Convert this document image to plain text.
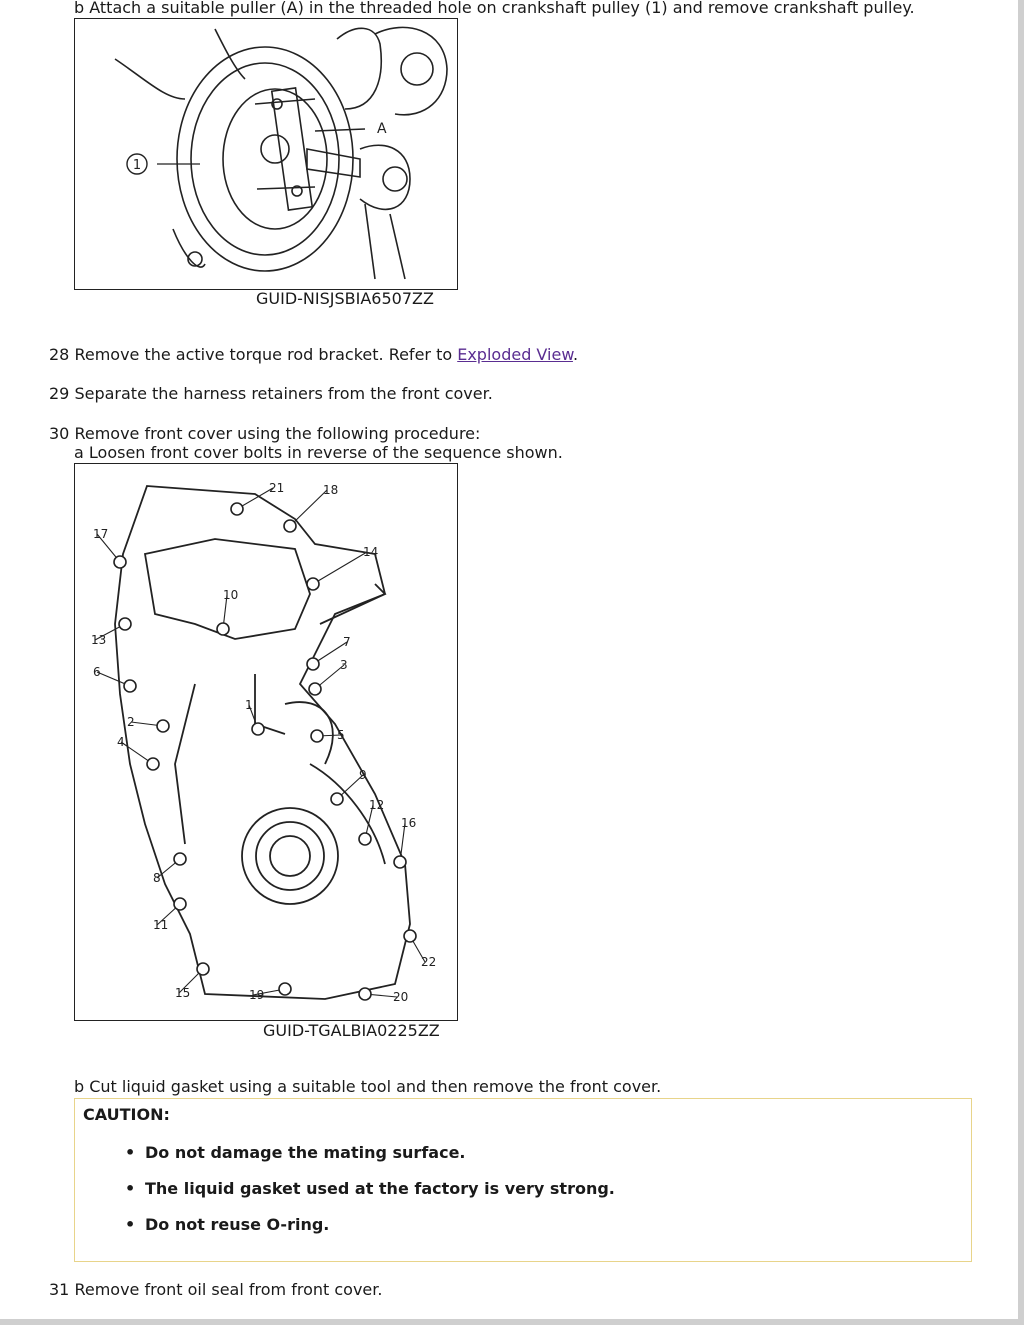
b Attach a suitable puller (A) in the threaded hole on crankshaft pulley (1) and remove crankshaft pulley.
1
A
GUID-NISJSBIA6507ZZ
28 Remove the active torque rod bracket. Refer to Exploded View.
29 Separate the harness retainers from the front cover.
30 Remove front cover using the following procedure:
a Loosen front cover bolts in reverse of the sequence shown.
1
2
3
4	5
6
7
8
9
10
11
12
13
14
15
16
17
18
19	20
21
22
GUID-TGALBIA0225ZZ
b Cut liquid gasket using a suitable tool and then remove the front cover.
CAUTION:
• Do not damage the mating surface.
• The liquid gasket used at the factory is very strong.
• Do not reuse O-ring.
31 Remove front oil seal from front cover.
